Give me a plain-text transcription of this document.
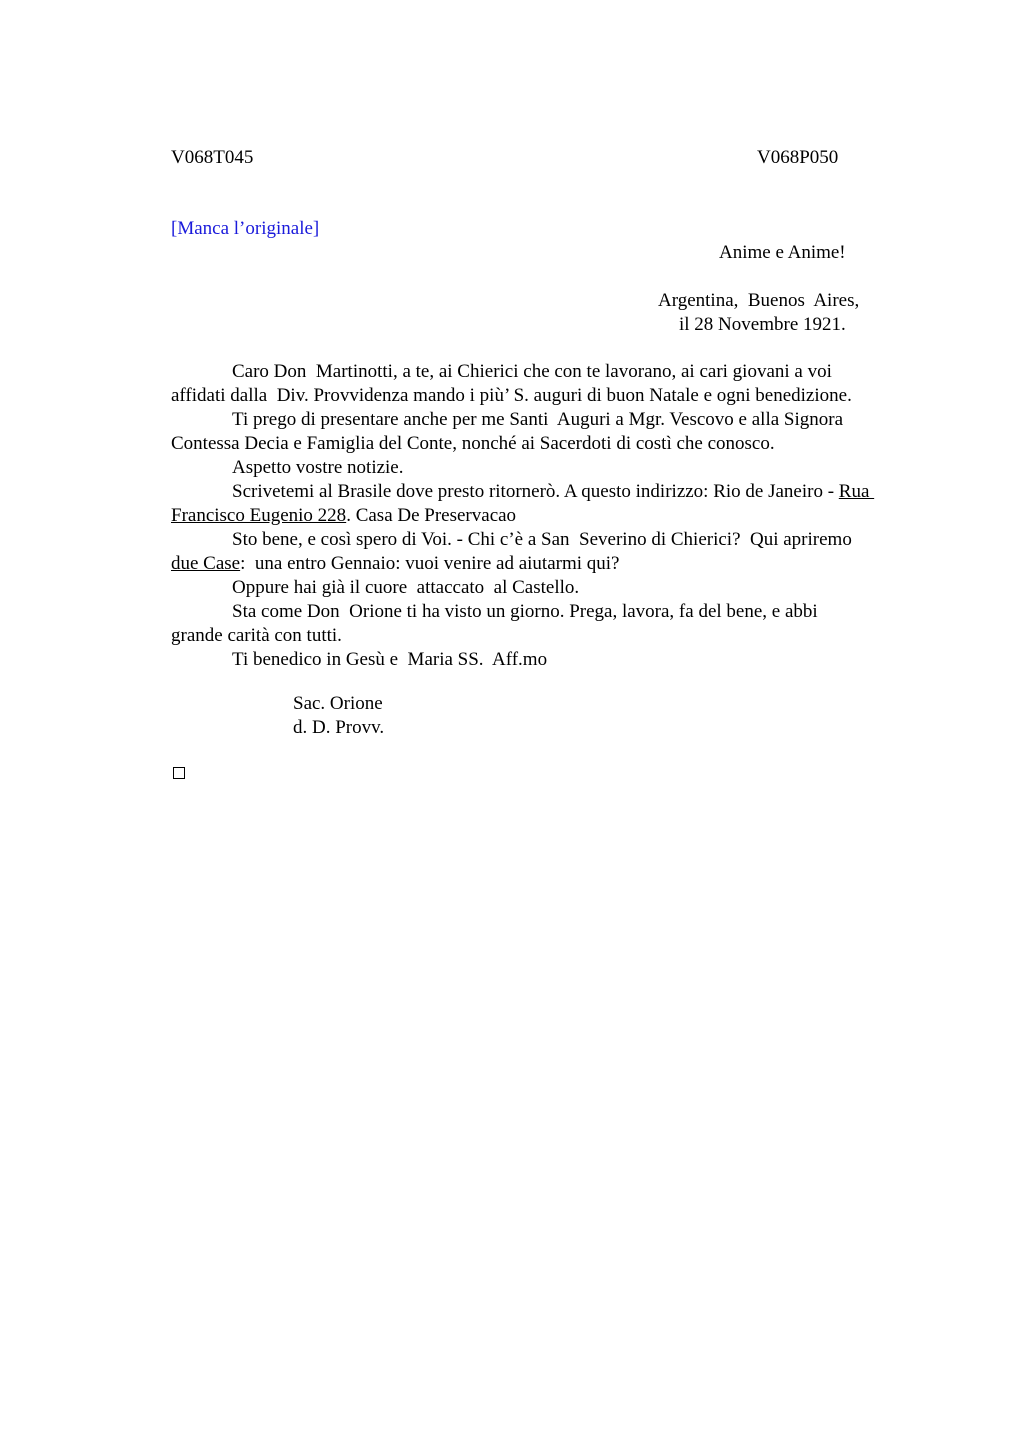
V068T045	V068P050
[Manca l’originale]
Anime e Anime!
Argentina,  Buenos  Aires,
il 28 Novembre 1921.
Caro Don  Martinotti, a te, ai Chierici che con te lavorano, ai cari giovani a voi
affidati dalla  Div. Provvidenza mando i più’ S. auguri di buon Natale e ogni benedizione.
Ti prego di presentare anche per me Santi  Auguri a Mgr. Vescovo e alla Signora
Contessa Decia e Famiglia del Conte, nonché ai Sacerdoti di costì che conosco.
Aspetto vostre notizie.
Scrivetemi al Brasile dove presto ritornerò. A questo indirizzo: Rio de Janeiro - Rua
Francisco Eugenio 228. Casa De Preservacao
Sto bene, e così spero di Voi. - Chi c’è a San  Severino di Chierici?  Qui apriremo
due Case:  una entro Gennaio: vuoi venire ad aiutarmi qui?
Oppure hai già il cuore  attaccato  al Castello.
Sta come Don  Orione ti ha visto un giorno. Prega, lavora, fa del bene, e abbi
grande carità con tutti.
Ti benedico in Gesù e  Maria SS.  Aff.mo
Sac. Orione
d. D. Provv.
